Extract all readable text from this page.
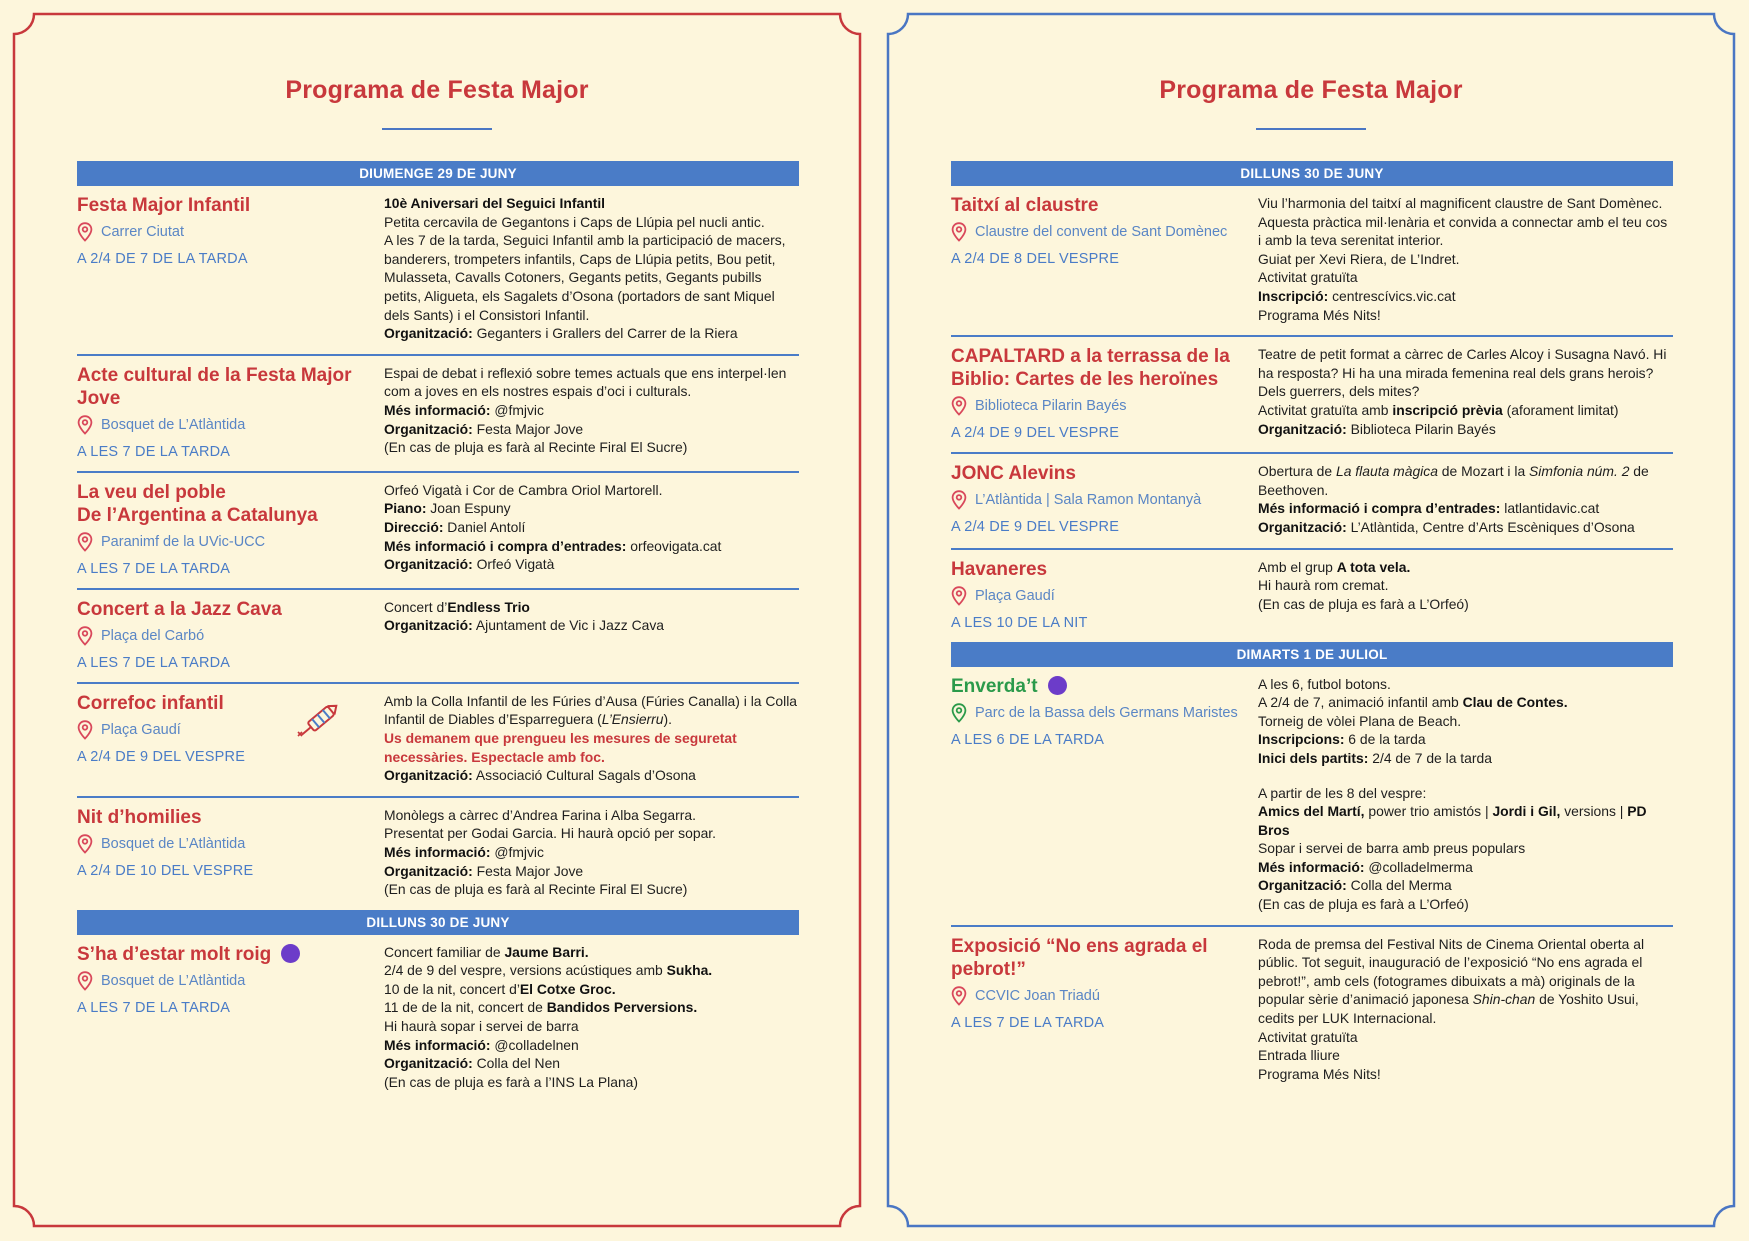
Programa de Festa Major
DIUMENGE 29 DE JUNY
Festa Major Infantil
Carrer Ciutat
A 2/4 DE 7 DE LA TARDA

10è Aniversari del Seguici Infantil

Petita cercavila de Gegantons i Caps de Llúpia pel nucli antic.

A les 7 de la tarda, Seguici Infantil amb la participació de macers, banderers, trompeters infantils, Caps de Llúpia petits, Bou petit, Mulasseta, Cavalls Cotoners, Gegants petits, Gegants pubills petits, Aligueta, els Sagalets d’Osona (portadors de sant Miquel dels Sants) i el Consistori Infantil.

Organització: Geganters i Grallers del Carrer de la Riera

Acte cultural de la Festa Major Jove
Bosquet de L’Atlàntida
A LES 7 DE LA TARDA

Espai de debat i reflexió sobre temes actuals que ens interpel·len com a joves en els nostres espais d’oci i culturals.

Més informació: @fmjvic

Organització: Festa Major Jove

(En cas de pluja es farà al Recinte Firal El Sucre)

La veu del poble
De l’Argentina a Catalunya
Paranimf de la UVic-UCC
A LES 7 DE LA TARDA

Orfeó Vigatà i Cor de Cambra Oriol Martorell.

Piano: Joan Espuny

Direcció: Daniel Antolí

Més informació i compra d’entrades: orfeovigata.cat

Organització: Orfeó Vigatà

Concert a la Jazz Cava
Plaça del Carbó
A LES 7 DE LA TARDA

Concert d’Endless Trio

Organització: Ajuntament de Vic i Jazz Cava

Correfoc infantil
Plaça Gaudí
A 2/4 DE 9 DEL VESPRE

Amb la Colla Infantil de les Fúries d’Ausa (Fúries Canalla) i la Colla Infantil de Diables d’Esparreguera (L’Ensierru).

Us demanem que prengueu les mesures de seguretat necessàries. Espectacle amb foc.

Organització: Associació Cultural Sagals d’Osona

Nit d’homilies
Bosquet de L’Atlàntida
A 2/4 DE 10 DEL VESPRE

Monòlegs a càrrec d’Andrea Farina i Alba Segarra.

Presentat per Godai Garcia. Hi haurà opció per sopar.

Més informació: @fmjvic

Organització: Festa Major Jove

(En cas de pluja es farà al Recinte Firal El Sucre)

DILLUNS 30 DE JUNY
S’ha d’estar molt roig
Bosquet de L’Atlàntida
A LES 7 DE LA TARDA

Concert familiar de Jaume Barri.

2/4 de 9 del vespre, versions acústiques amb Sukha.

10 de la nit, concert d’El Cotxe Groc.

11 de de la nit, concert de Bandidos Perversions.

Hi haurà sopar i servei de barra

Més informació: @colladelnen

Organització: Colla del Nen

(En cas de pluja es farà a l’INS La Plana)

Programa de Festa Major
DILLUNS 30 DE JUNY
Taitxí al claustre
Claustre del convent de Sant Domènec
A 2/4 DE 8 DEL VESPRE

Viu l’harmonia del taitxí al magnificent claustre de Sant Domènec. Aquesta pràctica mil·lenària et convida a connectar amb el teu cos i amb la teva serenitat interior.

Guiat per Xevi Riera, de L’Indret.

Activitat gratuïta

Inscripció: centrescívics.vic.cat

Programa Més Nits!

CAPALTARD a la terrassa de la Biblio: Cartes de les heroïnes
Biblioteca Pilarin Bayés
A 2/4 DE 9 DEL VESPRE

Teatre de petit format a càrrec de Carles Alcoy i Susagna Navó. Hi ha resposta? Hi ha una mirada femenina real dels grans herois? Dels guerrers, dels mites?

Activitat gratuïta amb inscripció prèvia (aforament limitat)

Organització: Biblioteca Pilarin Bayés

JONC Alevins
L’Atlàntida | Sala Ramon Montanyà
A 2/4 DE 9 DEL VESPRE

Obertura de La flauta màgica de Mozart i la Simfonia núm. 2 de Beethoven.

Més informació i compra d’entrades: latlantidavic.cat

Organització: L’Atlàntida, Centre d’Arts Escèniques d’Osona

Havaneres
Plaça Gaudí
A LES 10 DE LA NIT

Amb el grup A tota vela.

Hi haurà rom cremat.

(En cas de pluja es farà a L’Orfeó)

DIMARTS 1 DE JULIOL
Enverda’t
Parc de la Bassa dels Germans Maristes
A LES 6 DE LA TARDA

A les 6, futbol botons.

A 2/4 de 7, animació infantil amb Clau de Contes.

Torneig de vòlei Plana de Beach.

Inscripcions: 6 de la tarda

Inici dels partits: 2/4 de 7 de la tarda

A partir de les 8 del vespre:

Amics del Martí, power trio amistós | Jordi i Gil, versions | PD Bros

Sopar i servei de barra amb preus populars

Més informació: @colladelmerma

Organització: Colla del Merma

(En cas de pluja es farà a L’Orfeó)

Exposició “No ens agrada el pebrot!”
CCVIC Joan Triadú
A LES 7 DE LA TARDA

Roda de premsa del Festival Nits de Cinema Oriental oberta al públic. Tot seguit, inauguració de l’exposició “No ens agrada el pebrot!”, amb cels (fotogrames dibuixats a mà) originals de la popular sèrie d’animació japonesa Shin-chan de Yoshito Usui, cedits per LUK Internacional.

Activitat gratuïta

Entrada lliure

Programa Més Nits!
